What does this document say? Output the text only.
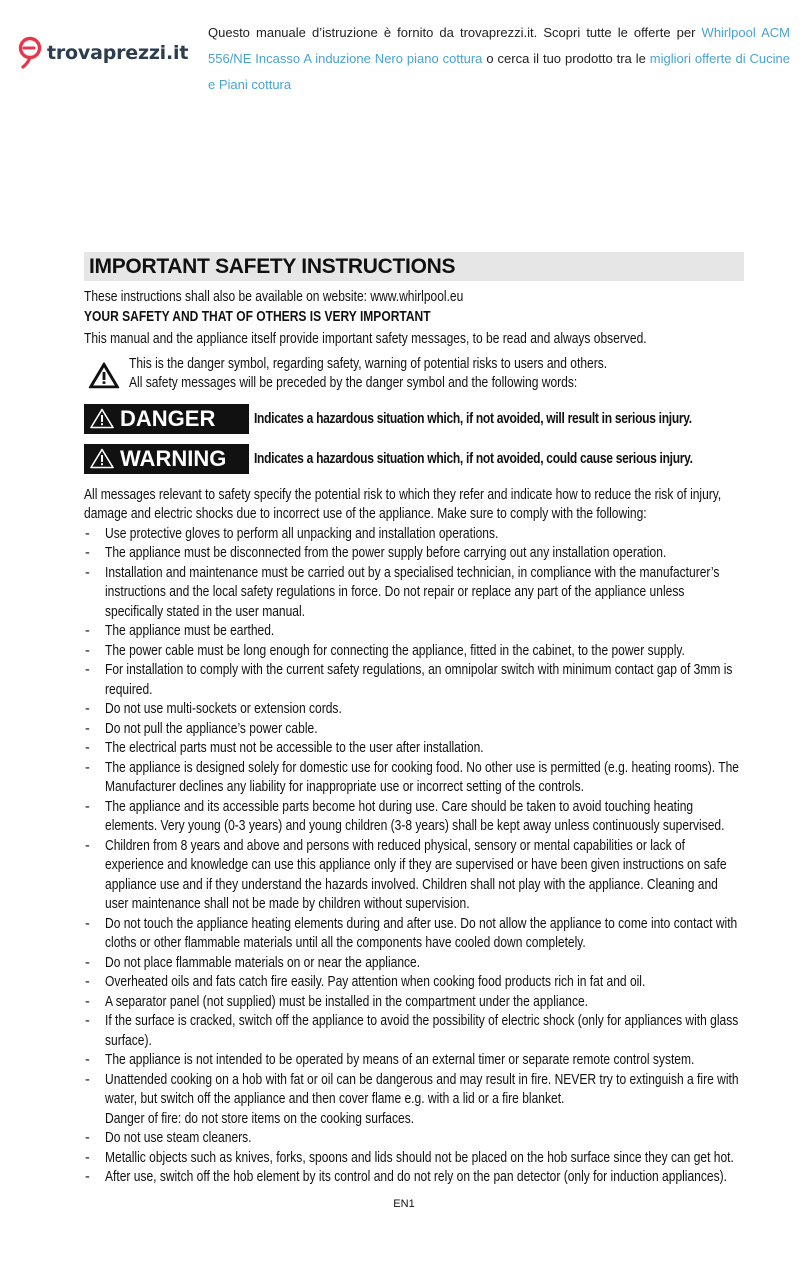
trovaprezzi.it
Questo manuale d’istruzione è fornito da trovaprezzi.it. Scopri tutte le offerte per Whirlpool ACM 556/NE Incasso A induzione Nero piano cottura o cerca il tuo prodotto tra le migliori offerte di Cucine e Piani cottura
IMPORTANT SAFETY INSTRUCTIONS
These instructions shall also be available on website: www.whirlpool.eu
YOUR SAFETY AND THAT OF OTHERS IS VERY IMPORTANT
This manual and the appliance itself provide important safety messages, to be read and always observed.
This is the danger symbol, regarding safety, warning of potential risks to users and others.
All safety messages will be preceded by the danger symbol and the following words:
DANGER	Indicates a hazardous situation which, if not avoided, will result in serious injury.
WARNING Indicates a hazardous situation which, if not avoided, could cause serious injury.
All messages relevant to safety specify the potential risk to which they refer and indicate how to reduce the risk of injury,
damage and electric shocks due to incorrect use of the appliance. Make sure to comply with the following:
- Use protective gloves to perform all unpacking and installation operations.
- The appliance must be disconnected from the power supply before carrying out any installation operation.
- Installation and maintenance must be carried out by a specialised technician, in compliance with the manufacturer’s instructions and the local safety regulations in force. Do not repair or replace any part of the appliance unless specifically stated in the user manual.
- The appliance must be earthed.
- The power cable must be long enough for connecting the appliance, fitted in the cabinet, to the power supply.
- For installation to comply with the current safety regulations, an omnipolar switch with minimum contact gap of 3mm is required.
- Do not use multi-sockets or extension cords.
- Do not pull the appliance’s power cable.
- The electrical parts must not be accessible to the user after installation.
- The appliance is designed solely for domestic use for cooking food. No other use is permitted (e.g. heating rooms). The Manufacturer declines any liability for inappropriate use or incorrect setting of the controls.
- The appliance and its accessible parts become hot during use. Care should be taken to avoid touching heating elements. Very young (0-3 years) and young children (3-8 years) shall be kept away unless continuously supervised.
- Children from 8 years and above and persons with reduced physical, sensory or mental capabilities or lack of experience and knowledge can use this appliance only if they are supervised or have been given instructions on safe appliance use and if they understand the hazards involved. Children shall not play with the appliance. Cleaning and user maintenance shall not be made by children without supervision.
- Do not touch the appliance heating elements during and after use. Do not allow the appliance to come into contact with cloths or other flammable materials until all the components have cooled down completely.
- Do not place flammable materials on or near the appliance.
- Overheated oils and fats catch fire easily. Pay attention when cooking food products rich in fat and oil.
- A separator panel (not supplied) must be installed in the compartment under the appliance.
- If the surface is cracked, switch off the appliance to avoid the possibility of electric shock (only for appliances with glass surface).
- The appliance is not intended to be operated by means of an external timer or separate remote control system.
- Unattended cooking on a hob with fat or oil can be dangerous and may result in fire. NEVER try to extinguish a fire with water, but switch off the appliance and then cover flame e.g. with a lid or a fire blanket.
Danger of fire: do not store items on the cooking surfaces.
- Do not use steam cleaners.
- Metallic objects such as knives, forks, spoons and lids should not be placed on the hob surface since they can get hot.
- After use, switch off the hob element by its control and do not rely on the pan detector (only for induction appliances).
EN1
